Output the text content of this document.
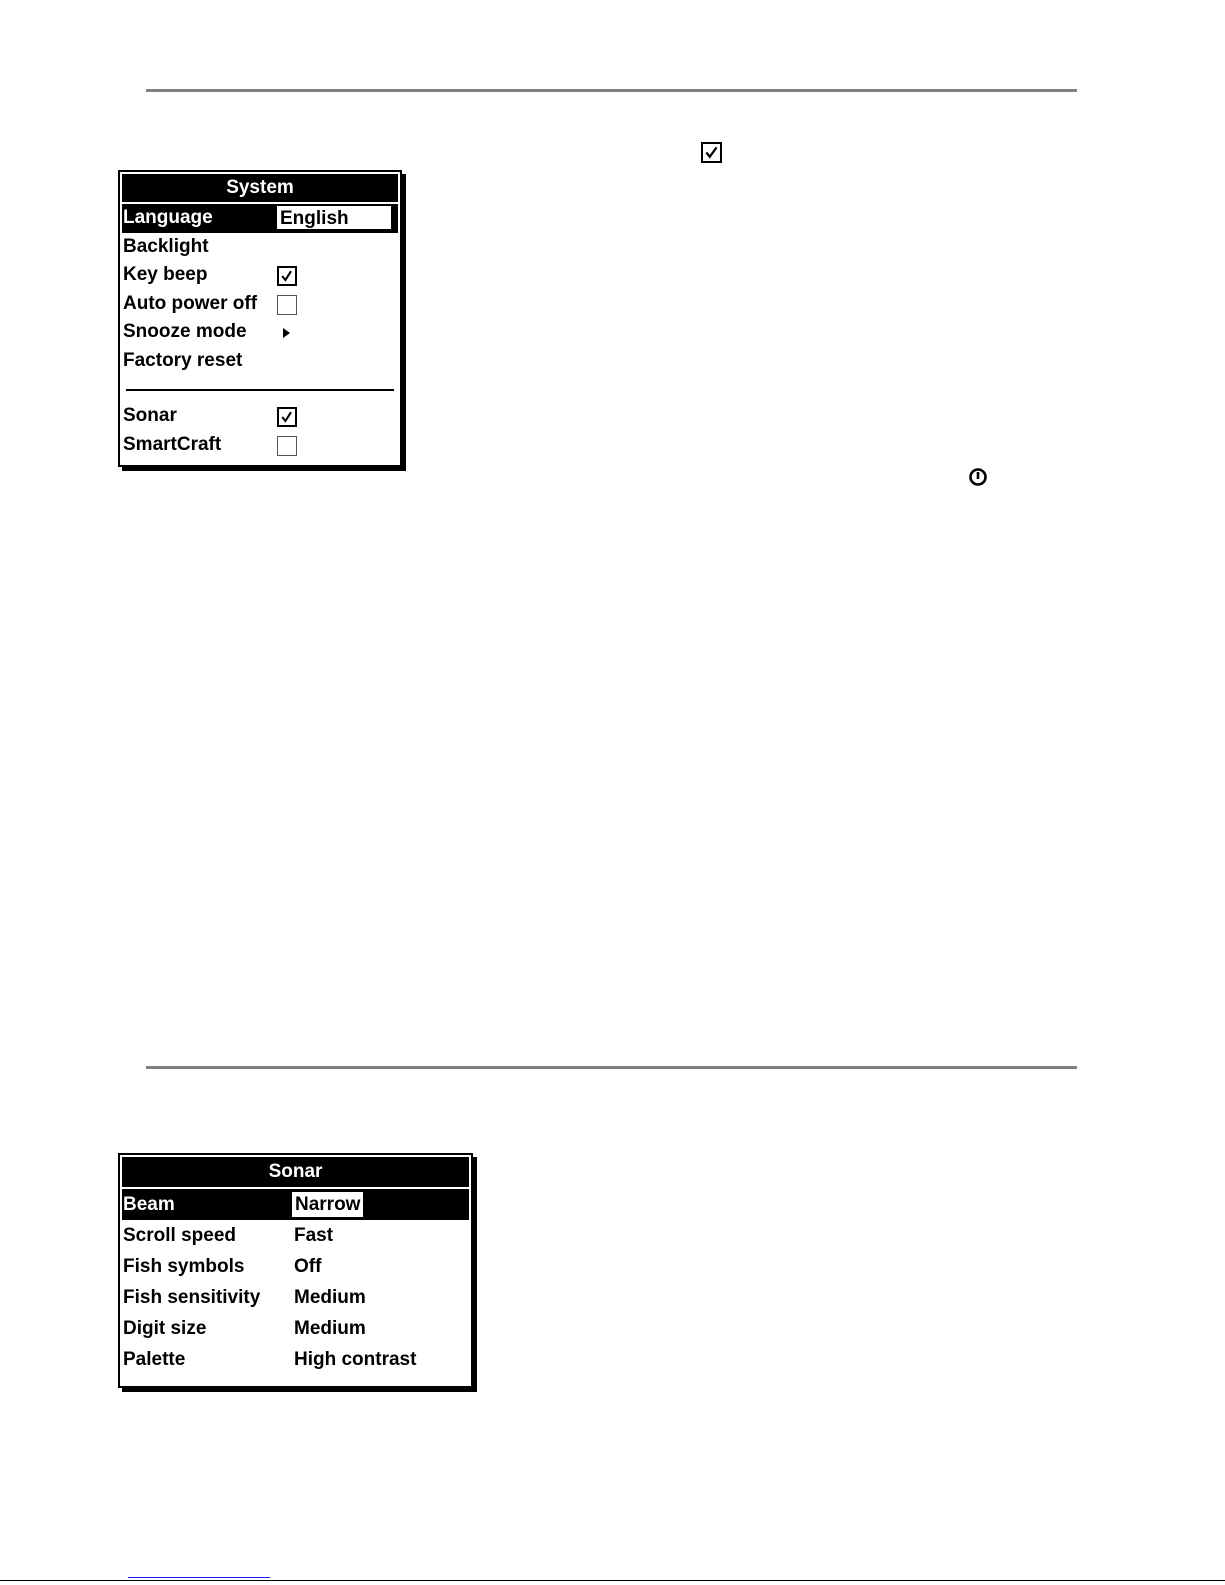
System
Language	English
Backlight
Key beep
Auto power off
Snooze mode
Factory reset
Sonar
SmartCraft
Sonar
Beam	Narrow
Scroll speed	Fast
Fish symbols	Off
Fish sensitivity Medium
Digit size	Medium
Palette	High contrast
